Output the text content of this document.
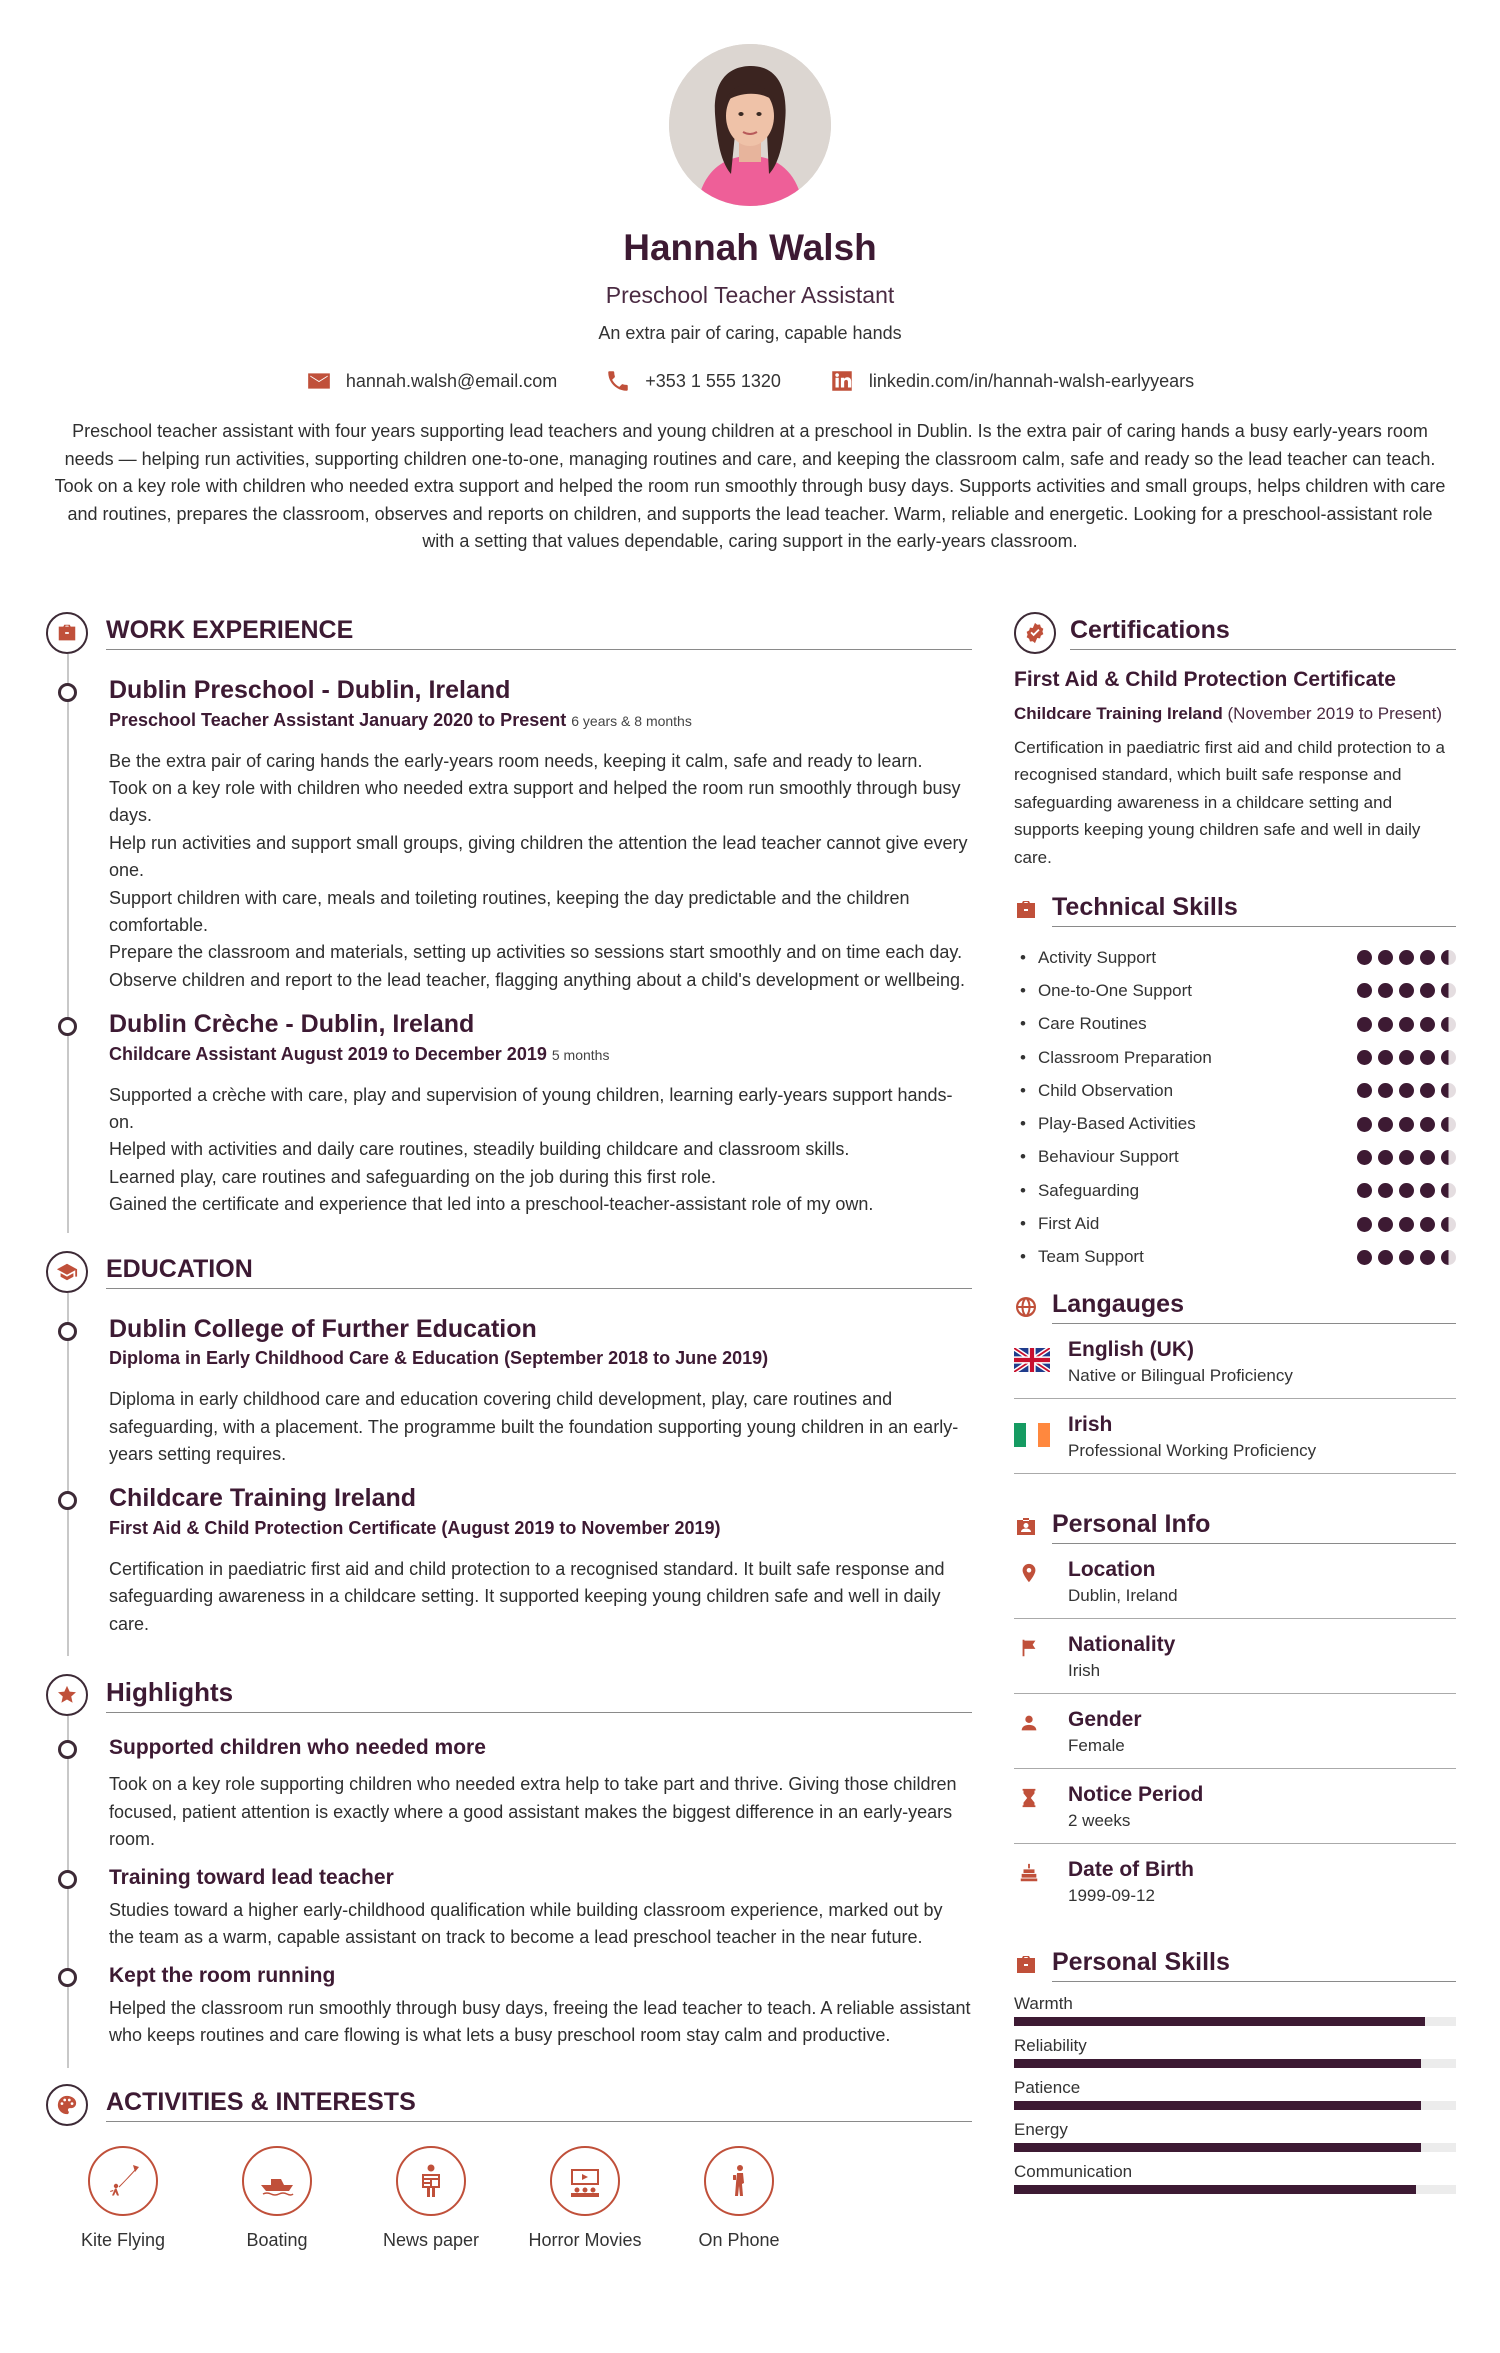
Hannah Walsh
Preschool Teacher Assistant
An extra pair of caring, capable hands
hannah.walsh@email.com	+353 1 555 1320	linkedin.com/in/hannah-walsh-earlyyears

Preschool teacher assistant with four years supporting lead teachers and young children at a preschool in Dublin. Is the extra pair of caring hands a busy early-years room needs — helping run activities, supporting children one-to-one, managing routines and care, and keeping the classroom calm, safe and ready so the lead teacher can teach. Took on a key role with children who needed extra support and helped the room run smoothly through busy days. Supports activities and small groups, helps children with care and routines, prepares the classroom, observes and reports on children, and supports the lead teacher. Warm, reliable and energetic. Looking for a preschool-assistant role with a setting that values dependable, caring support in the early-years classroom.

WORK EXPERIENCE
Dublin Preschool - Dublin, Ireland
Preschool Teacher Assistant January 2020 to Present 6 years & 8 months
Be the extra pair of caring hands the early-years room needs, keeping it calm, safe and ready to learn.
Took on a key role with children who needed extra support and helped the room run smoothly through busy days.
Help run activities and support small groups, giving children the attention the lead teacher cannot give every one.
Support children with care, meals and toileting routines, keeping the day predictable and the children comfortable.
Prepare the classroom and materials, setting up activities so sessions start smoothly and on time each day.
Observe children and report to the lead teacher, flagging anything about a child's development or wellbeing.
Dublin Crèche - Dublin, Ireland
Childcare Assistant August 2019 to December 2019 5 months
Supported a crèche with care, play and supervision of young children, learning early-years support hands-on.
Helped with activities and daily care routines, steadily building childcare and classroom skills.
Learned play, care routines and safeguarding on the job during this first role.
Gained the certificate and experience that led into a preschool-teacher-assistant role of my own.
EDUCATION
Dublin College of Further Education
Diploma in Early Childhood Care & Education (September 2018 to June 2019)
Diploma in early childhood care and education covering child development, play, care routines and safeguarding, with a placement. The programme built the foundation supporting young children in an early-years setting requires.
Childcare Training Ireland
First Aid & Child Protection Certificate (August 2019 to November 2019)
Certification in paediatric first aid and child protection to a recognised standard. It built safe response and safeguarding awareness in a childcare setting. It supported keeping young children safe and well in daily care.
Highlights
Supported children who needed more
Took on a key role supporting children who needed extra help to take part and thrive. Giving those children focused, patient attention is exactly where a good assistant makes the biggest difference in an early-years room.
Training toward lead teacher
Studies toward a higher early-childhood qualification while building classroom experience, marked out by the team as a warm, capable assistant on track to become a lead preschool teacher in the near future.
Kept the room running
Helped the classroom run smoothly through busy days, freeing the lead teacher to teach. A reliable assistant who keeps routines and care flowing is what lets a busy preschool room stay calm and productive.
ACTIVITIES & INTERESTS
Kite Flying	Boating	News paper	Horror Movies	On Phone
Certifications
First Aid & Child Protection Certificate
Childcare Training Ireland (November 2019 to Present)
Certification in paediatric first aid and child protection to a recognised standard, which built safe response and safeguarding awareness in a childcare setting and supports keeping young children safe and well in daily care.
Technical Skills
• Activity Support
• One-to-One Support
• Care Routines
• Classroom Preparation
• Child Observation
• Play-Based Activities
• Behaviour Support
• Safeguarding
• First Aid
• Team Support
Langauges
English (UK)
Native or Bilingual Proficiency
Irish
Professional Working Proficiency
Personal Info
Location
Dublin, Ireland
Nationality
Irish
Gender
Female
Notice Period
2 weeks
Date of Birth
1999-09-12
Personal Skills
Warmth
Reliability
Patience
Energy
Communication
